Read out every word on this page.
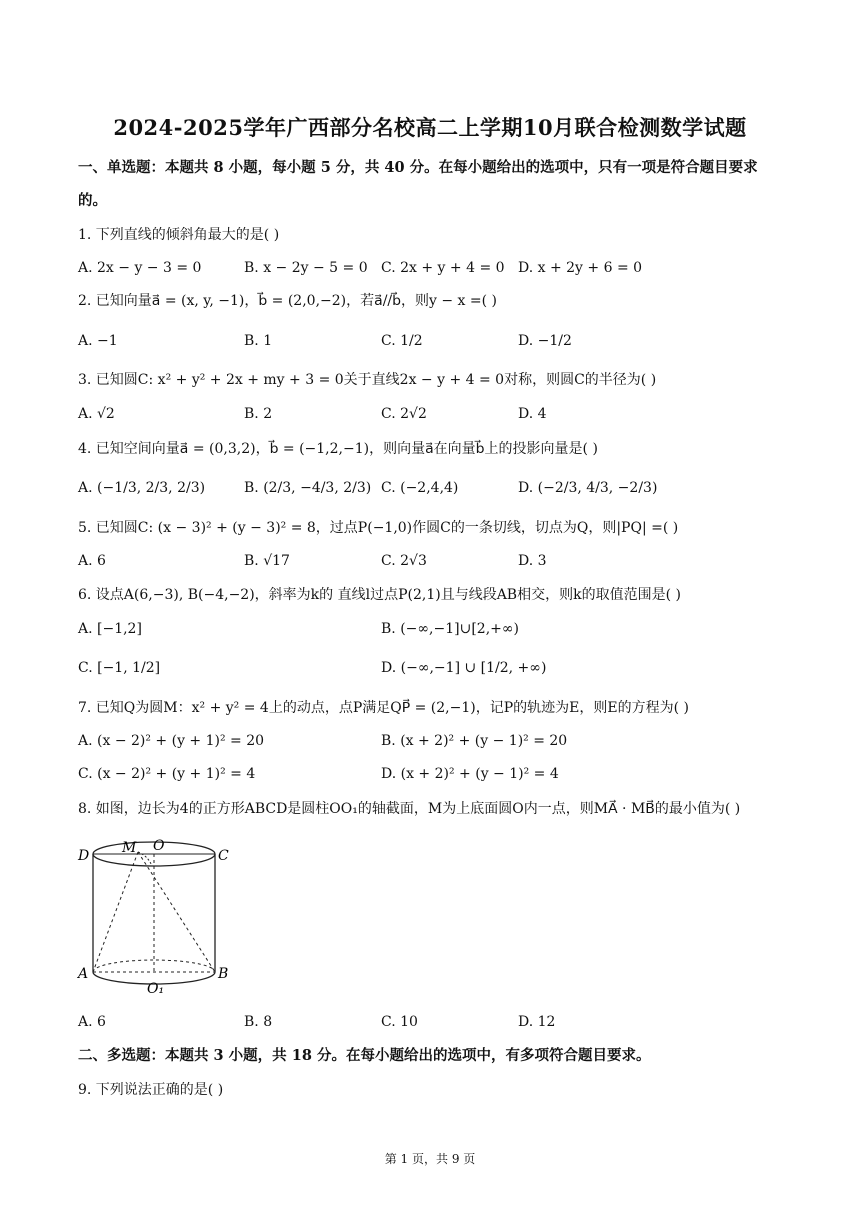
2024-2025学年广西部分名校高二上学期10月联合检测数学试题
一、单选题：本题共 8 小题，每小题 5 分，共 40 分。在每小题给出的选项中，只有一项是符合题目要求
的。
1. 下列直线的倾斜角最大的是( )
A. 2x − y − 3 = 0	B. x − 2y − 5 = 0 C. 2x + y + 4 = 0 D. x + 2y + 6 = 0
2. 已知向量a⃗ = (x, y, −1)，b⃗ = (2,0,−2)，若a⃗//b⃗，则y − x =( )
A. −1	B. 1	C. 1/2	D. −1/2
3. 已知圆C: x² + y² + 2x + my + 3 = 0关于直线2x − y + 4 = 0对称，则圆C的半径为( )
A. √2	B. 2	C. 2√2	D. 4
4. 已知空间向量a⃗ = (0,3,2)，b⃗ = (−1,2,−1)，则向量a⃗在向量b⃗上的投影向量是( )
A. (−1/3, 2/3, 2/3)	B. (2/3, −4/3, 2/3) C. (−2,4,4)	D. (−2/3, 4/3, −2/3)
5. 已知圆C: (x − 3)² + (y − 3)² = 8，过点P(−1,0)作圆C的一条切线，切点为Q，则|PQ| =( )
A. 6	B. √17	C. 2√3	D. 3
6. 设点A(6,−3), B(−4,−2)，斜率为k的 直线l过点P(2,1)且与线段AB相交，则k的取值范围是( )
A. [−1,2]	B. (−∞,−1]∪[2,+∞)
C. [−1, 1/2]	D. (−∞,−1] ∪ [1/2, +∞)
7. 已知Q为圆M：x² + y² = 4上的动点，点P满足QP⃗ = (2,−1)，记P的轨迹为E，则E的方程为( )
A. (x − 2)² + (y + 1)² = 20	B. (x + 2)² + (y − 1)² = 20
C. (x − 2)² + (y + 1)² = 4	D. (x + 2)² + (y − 1)² = 4
8. 如图，边长为4的正方形ABCD是圆柱OO₁的轴截面，M为上底面圆O内一点，则MA⃗ · MB⃗的最小值为( )
D M O
C
A
O₁
B
A. 6	B. 8	C. 10	D. 12
二、多选题：本题共 3 小题，共 18 分。在每小题给出的选项中，有多项符合题目要求。
9. 下列说法正确的是( )
第 1 页，共 9 页
